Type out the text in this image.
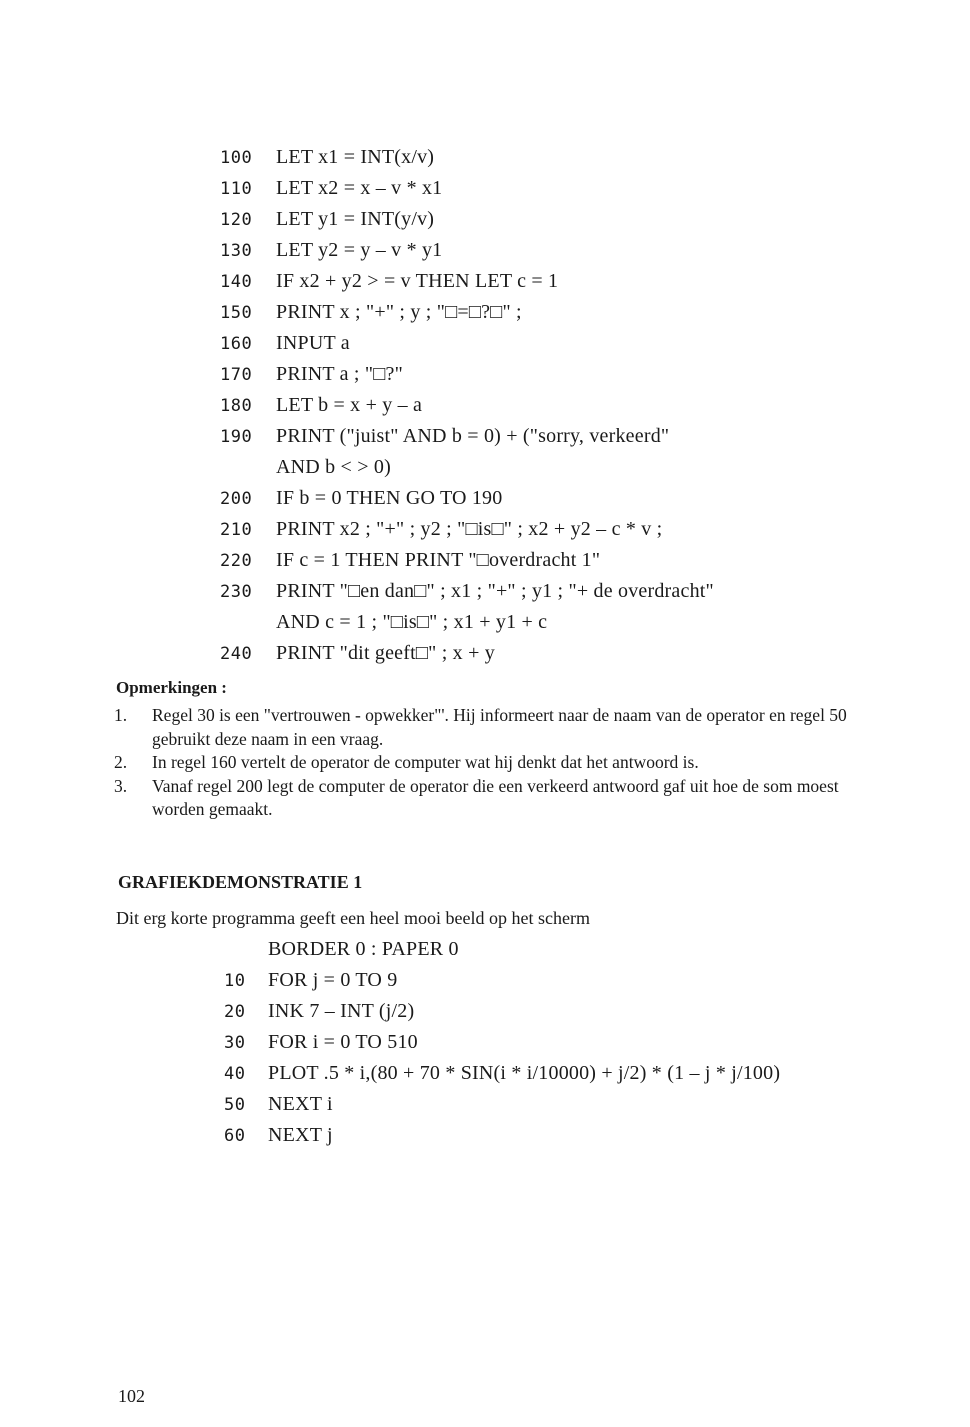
100	LET x1 = INT(x/v)
110	LET x2 = x – v * x1
120	LET y1 = INT(y/v)
130	LET y2 = y – v * y1
140	IF x2 + y2 > = v THEN LET c = 1
150	PRINT x ; "+" ; y ; "□=□?□" ;
160	INPUT a
170	PRINT a ; "□?"
180	LET b = x + y – a
190	PRINT ("juist" AND b = 0) + ("sorry, verkeerd"
AND b < > 0)
200	IF b = 0 THEN GO TO 190
210	PRINT x2 ; "+" ; y2 ; "□is□" ; x2 + y2 – c * v ;
220	IF c = 1 THEN PRINT "□overdracht 1"
230	PRINT "□en dan□" ; x1 ; "+" ; y1 ; "+ de overdracht"
AND c = 1 ; "□is□" ; x1 + y1 + c
240	PRINT "dit geeft□" ; x + y
Opmerkingen :
1.	Regel 30 is een "vertrouwen - opwekker"'. Hij informeert naar de naam van de operator en regel 50 gebruikt deze naam in een vraag.
2.	In regel 160 vertelt de operator de computer wat hij denkt dat het antwoord is.
3.	Vanaf regel 200 legt de computer de operator die een verkeerd antwoord gaf uit hoe de som moest worden gemaakt.
GRAFIEKDEMONSTRATIE 1
Dit erg korte programma geeft een heel mooi beeld op het scherm
BORDER 0 : PAPER 0
10	FOR j = 0 TO 9
20	INK 7 – INT (j/2)
30	FOR i = 0 TO 510
40	PLOT .5 * i,(80 + 70 * SIN(i * i/10000) + j/2) * (1 – j * j/100)
50	NEXT i
60	NEXT j
102
